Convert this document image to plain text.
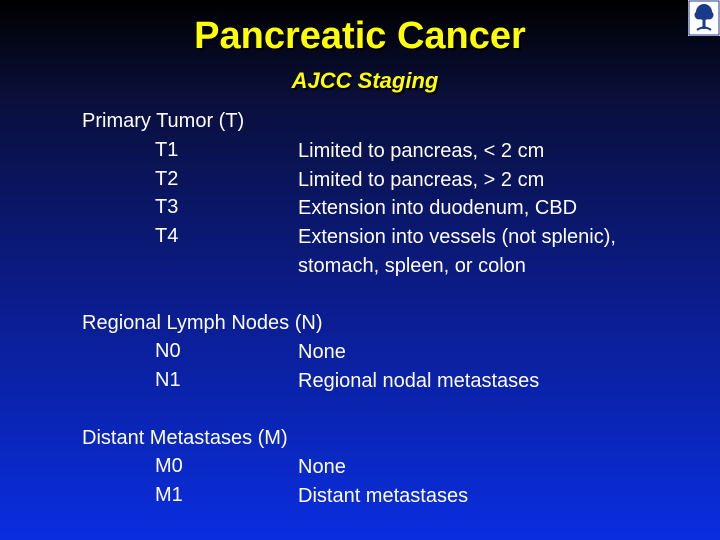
Pancreatic Cancer
AJCC Staging
Primary Tumor (T)
T1	Limited to pancreas, < 2 cm
T2	Limited to pancreas, > 2 cm
T3	Extension into duodenum, CBD
T4	Extension into vessels (not splenic),
stomach, spleen, or colon
Regional Lymph Nodes (N)
N0	None
N1	Regional nodal metastases
Distant Metastases (M)
M0	None
M1	Distant metastases
